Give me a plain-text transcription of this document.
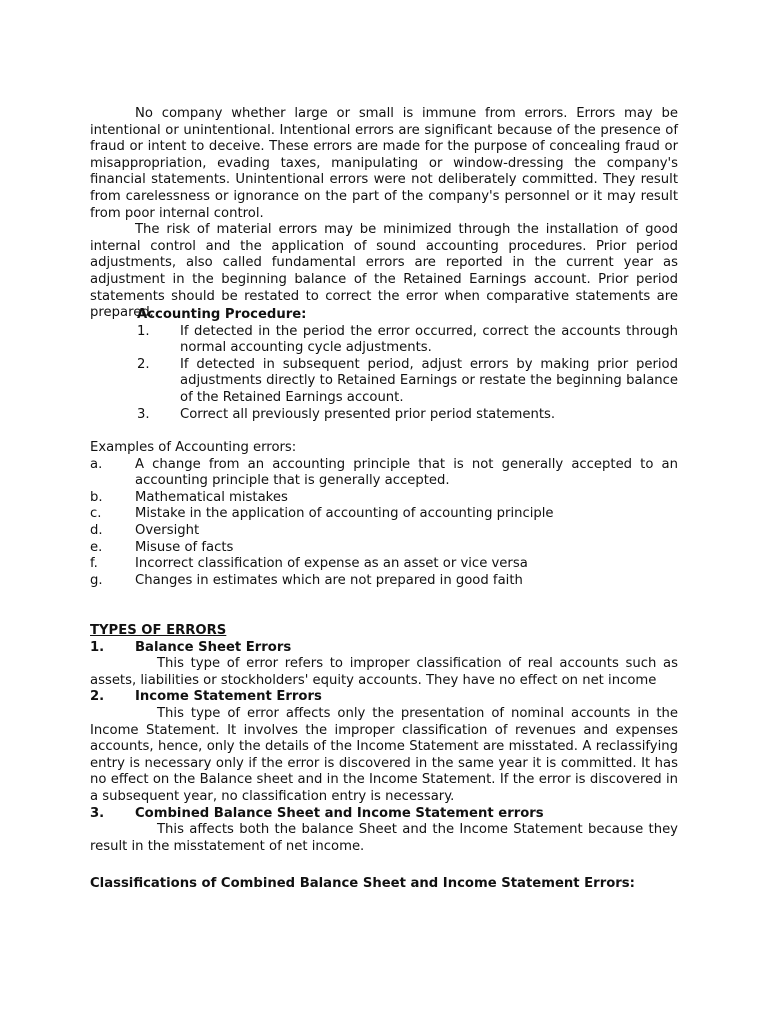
No company whether large or small is immune from errors. Errors may be intentional or unintentional. Intentional errors are significant because of the presence of fraud or intent to deceive. These errors are made for the purpose of concealing fraud or misappropriation, evading taxes, manipulating or window-dressing the company's financial statements. Unintentional errors were not deliberately committed. They result from carelessness or ignorance on the part of the company's personnel or it may result from poor internal control.

The risk of material errors may be minimized through the installation of good internal control and the application of sound accounting procedures. Prior period adjustments, also called fundamental errors are reported in the current year as adjustment in the beginning balance of the Retained Earnings account. Prior period statements should be restated to correct the error when comparative statements are prepared.

Accounting Procedure:

1. If detected in the period the error occurred, correct the accounts through normal accounting cycle adjustments.

2. If detected in subsequent period, adjust errors by making prior period adjustments directly to Retained Earnings or restate the beginning balance of the Retained Earnings account.

3. Correct all previously presented prior period statements.

Examples of Accounting errors:

a. A change from an accounting principle that is not generally accepted to an accounting principle that is generally accepted.

b. Mathematical mistakes

c.	Mistake in the application of accounting of accounting principle

d. Oversight

e. Misuse of facts

f.	Incorrect classification of expense as an asset or vice versa

g. Changes in estimates which are not prepared in good faith

TYPES OF ERRORS

1. Balance Sheet Errors

This type of error refers to improper classification of real accounts such as assets, liabilities or stockholders' equity accounts. They have no effect on net income

2. Income Statement Errors

This type of error affects only the presentation of nominal accounts in the Income Statement. It involves the improper classification of revenues and expenses accounts, hence, only the details of the Income Statement are misstated. A reclassifying entry is necessary only if the error is discovered in the same year it is committed. It has no effect on the Balance sheet and in the Income Statement. If the error is discovered in a subsequent year, no classification entry is necessary.

3. Combined Balance Sheet and Income Statement errors

This affects both the balance Sheet and the Income Statement because they result in the misstatement of net income.

Classifications of Combined Balance Sheet and Income Statement Errors:
